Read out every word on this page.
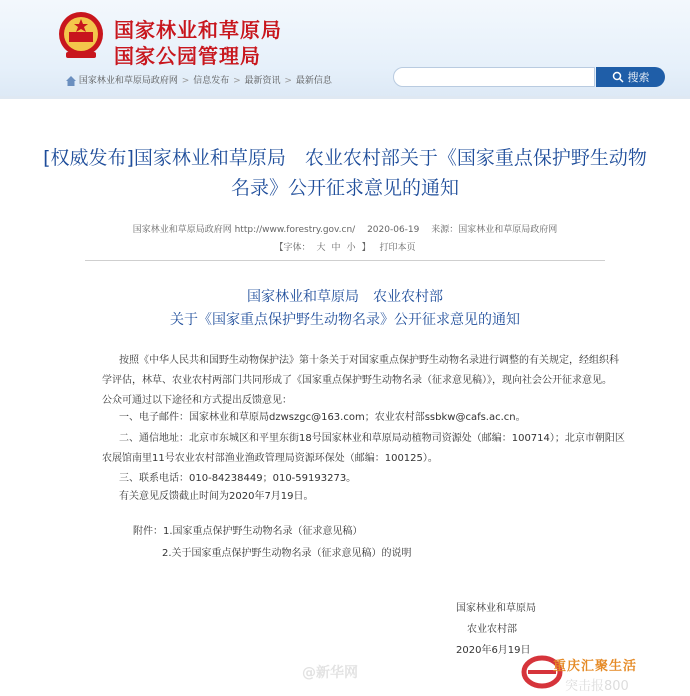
国家林业和草原局
国家公园管理局
国家林业和草原局政府网 > 信息发布 > 最新资讯 > 最新信息	搜索
[权威发布]国家林业和草原局　农业农村部关于《国家重点保护野生动物名录》公开征求意见的通知
国家林业和草原局政府网 http://www.forestry.gov.cn/　 2020-06-19　 来源：国家林业和草原局政府网
【字体： 大 中 小 】 打印本页
国家林业和草原局　农业农村部
关于《国家重点保护野生动物名录》公开征求意见的通知
按照《中华人民共和国野生动物保护法》第十条关于对国家重点保护野生动物名录进行调整的有关规定，经组织科
学评估，林草、农业农村两部门共同形成了《国家重点保护野生动物名录（征求意见稿）》，现向社会公开征求意见。
公众可通过以下途径和方式提出反馈意见：
一、电子邮件：国家林业和草原局dzwszgc@163.com；农业农村部ssbkw@cafs.ac.cn。
二、通信地址：北京市东城区和平里东街18号国家林业和草原局动植物司资源处（邮编：100714）；北京市朝阳区
农展馆南里11号农业农村部渔业渔政管理局资源环保处（邮编：100125）。
三、联系电话：010-84238449；010-59193273。
有关意见反馈截止时间为2020年7月19日。
附件：1.国家重点保护野生动物名录（征求意见稿）
2.关于国家重点保护野生动物名录（征求意见稿）的说明
国家林业和草原局
农业农村部
2020年6月19日
@新华网	重庆汇聚生活
突击报800
